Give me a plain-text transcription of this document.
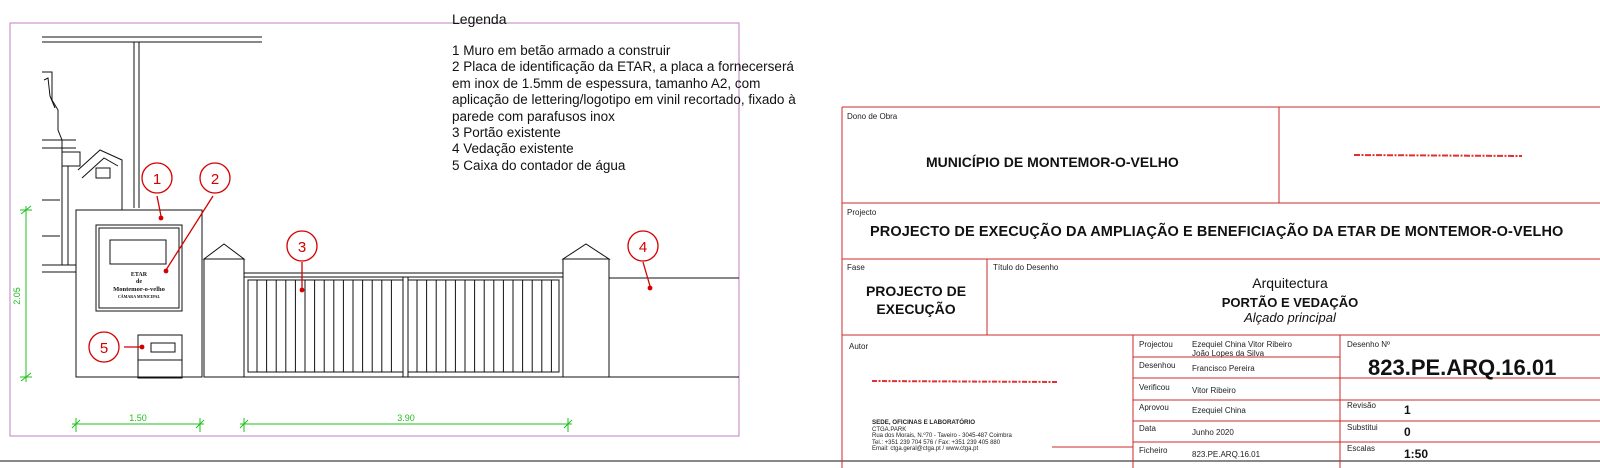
ETAR
de
Montemor-o-velho
CÂMARA MUNICIPAL
1	2
3	4
5
2.05
1.50	3.90
Legenda
1 Muro em betão armado a construir
2 Placa de identificação da ETAR, a placa a fornecerserá em inox de 1.5mm de espessura, tamanho A2, com aplicação de lettering/logotipo em vinil recortado, fixado à parede com parafusos inox
3 Portão existente
4 Vedação existente
5 Caixa do contador de água
Dono de Obra
MUNICÍPIO DE MONTEMOR-O-VELHO
Projecto
PROJECTO DE EXECUÇÃO DA AMPLIAÇÃO E BENEFICIAÇÃO DA ETAR DE MONTEMOR-O-VELHO
Fase
PROJECTO DE
EXECUÇÃO
Título do Desenho
Arquitectura
PORTÃO E VEDAÇÃO
Alçado principal
Autor
SEDE, OFICINAS E LABORATÓRIO
CTGA.PARK
Rua dos Morais, N.º70 - Taveiro - 3045-487 Coimbra
Tel.: +351 239 704 576 / Fax: +351 239 405 880
Email: ctga.geral@ctga.pt / www.ctga.pt
Projectou Ezequiel China Vitor Ribeiro
João Lopes da Silva
Desenhou Francisco Pereira
Verificou	Vitor Ribeiro
Aprovou	Ezequiel China
Data	Junho 2020
Ficheiro	823.PE.ARQ.16.01
Desenho Nº
823.PE.ARQ.16.01
Revisão 1
Substitui 0
Escalas 1:50
